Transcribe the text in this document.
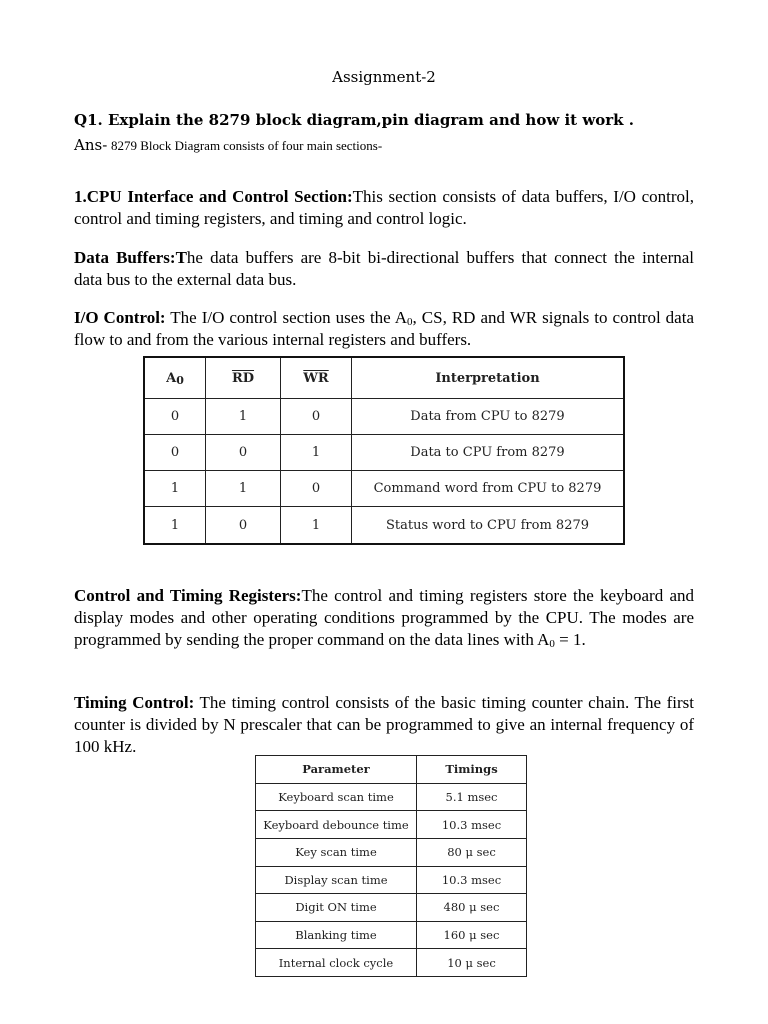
Assignment-2
Q1. Explain the 8279 block diagram,pin diagram and how it work .
Ans- 8279 Block Diagram consists of four main sections-
1.CPU Interface and Control Section:This section consists of data buffers, I/O control, control and timing registers, and timing and control logic.
Data Buffers:The data buffers are 8-bit bi-directional buffers that connect the internal data bus to the external data bus.
I/O Control: The I/O control section uses the $A_0$, CS, RD and WR signals to control data flow to and from the various internal registers and buffers.
$A_0$	$\overline{RD}$	$\overline{WR}$	Interpretation
0	1	0	Data from CPU to 8279
0	0	1	Data to CPU from 8279
1	1	0	Command word from CPU to 8279
1	0	1	Status word to CPU from 8279
Control and Timing Registers:The control and timing registers store the keyboard and display modes and other operating conditions programmed by the CPU. The modes are programmed by sending the proper command on the data lines with $A_0 = 1$.
Timing Control: The timing control consists of the basic timing counter chain. The first counter is divided by N prescaler that can be programmed to give an internal frequency of 100 kHz.
Parameter	Timings
Keyboard scan time	5.1 msec
Keyboard debounce time	10.3 msec
Key scan time	80 μ sec
Display scan time	10.3 msec
Digit ON time	480 μ sec
Blanking time	160 μ sec
Internal clock cycle	10 μ sec
